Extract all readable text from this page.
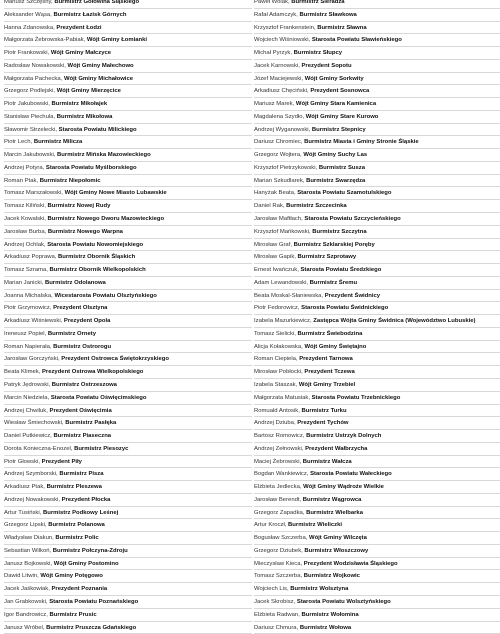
Mariusz Szczęsny, Burmistrz Gołowina Śląskiego
Aleksander Wąsa, Burmistrz Łazisk Górnych
Hanna Zdanowska, Prezydent Łodzi
Małgorzata Żebrowska-Pabiak, Wójt Gminy Łomianki
Piotr Frankowski, Wójt Gminy Małczyce
Radosław Nowakowski, Wójt Gminy Małechowo
Małgorzata Pachecka, Wójt Gminy Michałowice
Grzegorz Podlejski, Wójt Gminy Mierzęcice
Piotr Jakubowski, Burmistrz Mikołajek
Stanisław Piechula, Burmistrz Mikołowa
Sławomir Strzelecki, Starosta Powiatu Milickiego
Piotr Lech, Burmistrz Milicza
Marcin Jakubowski, Burmistrz Mińska Mazowieckiego
Andrzej Potyra, Starosta Powiatu Myślborskiego
Roman Ptak, Burmistrz Niepołomic
Tomasz Marszałowski, Wójt Gminy Nowe Miasto Lubawskie
Tomasz Kiliński, Burmistrz Nowej Rudy
Jacek Kowalski, Burmistrz Nowego Dworu Mazowieckiego
Jarosław Burba, Burmistrz Nowego Warpna
Andrzej Ochlak, Starosta Powiatu Nowomiejskiego
Arkadiusz Poprawa, Burmistrz Obornik Śląskich
Tomasz Szrama, Burmistrz Obornik Wielkopolskich
Marian Janicki, Burmistrz Odolanowa
Joanna Michalska, Wicestarosta Powiatu Olsztyńskiego
Piotr Grzymowicz, Prezydent Olsztyna
Arkadiusz Wiśniewski, Prezydent Opola
Ireneusz Popiel, Burmistrz Ornety
Roman Napierała, Burmistrz Ostrorogu
Jarosław Gorczyński, Prezydent Ostrowca Świętokrzyskiego
Beata Klimek, Prezydent Ostrowa Wielkopolskiego
Patryk Jędrowski, Burmistrz Ostrzeszowa
Marcin Niedziela, Starosta Powiatu Oświęcimskiego
Andrzej Chwiluk, Prezydent Oświęcimia
Wiesław Śmiechowski, Burmistrz Pasłęka
Daniel Putkiewicz, Burmistrz Piaseczna
Dorota Konieczna-Enozel, Burmistrz Piesozyc
Piotr Głowski, Prezydent Piły
Andrzej Szymborski, Burmistrz Pisza
Arkadiusz Ptak, Burmistrz Pleszewa
Andrzej Nowakowski, Prezydent Płocka
Artur Tusiński, Burmistrz Podkowy Leśnej
Grzegorz Lipski, Burmistrz Polanowa
Władysław Diakun, Burmistrz Polic
Sebastian Wilkoń, Burmistrz Połczyna-Zdroju
Janusz Bojkowski, Wójt Gminy Postomino
Dawid Litwin, Wójt Gminy Potęgowo
Jacek Jaśkowiak, Prezydent Poznania
Jan Grabkowski, Starosta Powiatu Poznańskiego
Igor Bandrowicz, Burmistrz Prusic
Janusz Wróbel, Burmistrz Pruszcza Gdańskiego
Paweł Wolak, Burmistrz Sieradza
Rafał Adamczyk, Burmistrz Sławkowa
Krzysztof Frankenstein, Burmistrz Sławna
Wojciech Wiśniowski, Starosta Powiatu Sławieńskiego
Michał Pyrzyk, Burmistrz Słupcy
Jacek Karnowski, Prezydent Sopotu
Józef Maciejewski, Wójt Gminy Sorkwity
Arkadiusz Chęciński, Prezydent Sosnowca
Mariusz Marek, Wójt Gminy Stara Kamienica
Magdalena Szydło, Wójt Gminy Stare Kurowo
Andrzej Wyganowski, Burmistrz Stepnicy
Dariusz Chromiec, Burmistrz Miasta i Gminy Stronie Śląskie
Grzegorz Wojtera, Wójt Gminy Suchy Las
Krzysztof Pietrzykowski, Burmistrz Susza
Marian Szkudlarek, Burmistrz Swarzędza
Hanyżak Beata, Starosta Powiatu Szamotulskiego
Daniel Rak, Burmistrz Szczecinka
Jarosław Maftłach, Starosta Powiatu Szczycieńskiego
Krzysztof Mańkowski, Burmistrz Szczytna
Mirosław Graf, Burmistrz Szklarskiej Poręby
Mirosław Gapik, Burmistrz Szprotawy
Ernest Iwańczuk, Starosta Powiatu Średzkiego
Adam Lewandowski, Burmistrz Śremu
Beata Moskal-Słaniewska, Prezydent Świdnicy
Piotr Fedorowicz, Starosta Powiatu Świdnickiego
Izabela Mazurkiewicz, Zastępca Wójta Gminy Świdnica (Województwo Lubuskie)
Tomasz Sielicki, Burmistrz Świebodzina
Alicja Kołakowska, Wójt Gminy Świętajno
Roman Ciepiela, Prezydent Tarnowa
Mirosław Pobłocki, Prezydent Tczewa
Izabela Staszak, Wójt Gminy Trzebiel
Małgorzata Matusiak, Starosta Powiatu Trzebnickiego
Romuald Antosik, Burmistrz Turku
Andrzej Dziuba, Prezydent Tychów
Bartosz Romowicz, Burmistrz Ustrzyk Dolnych
Andrzej Zełnowski, Prezydent Wałbrzycha
Maciej Żebrowski, Burmistrz Wałcza
Bogdan Wankiewicz, Starosta Powiatu Wałeckiego
Elżbieta Jedlecka, Wójt Gminy Wądroże Wielkie
Jarosław Berendt, Burmistrz Wągrowca
Grzegorz Zapadka, Burmistrz Wielbarka
Artur Kroczł, Burmistrz Wieliczki
Bogusław Szczerba, Wójt Gminy Wilczęta
Grzegorz Dziubek, Burmistrz Włoszczowy
Mieczysław Kieca, Prezydent Wodzisławia Śląskiego
Tomasz Szczerba, Burmistrz Wojkowic
Wojciech Lis, Burmistrz Wolsztyna
Jacek Skrobisz, Starosta Powiatu Wolsztyńskiego
Elżbieta Radwan, Burmistrz Wołomina
Dariusz Chmura, Burmistrz Wołowa
